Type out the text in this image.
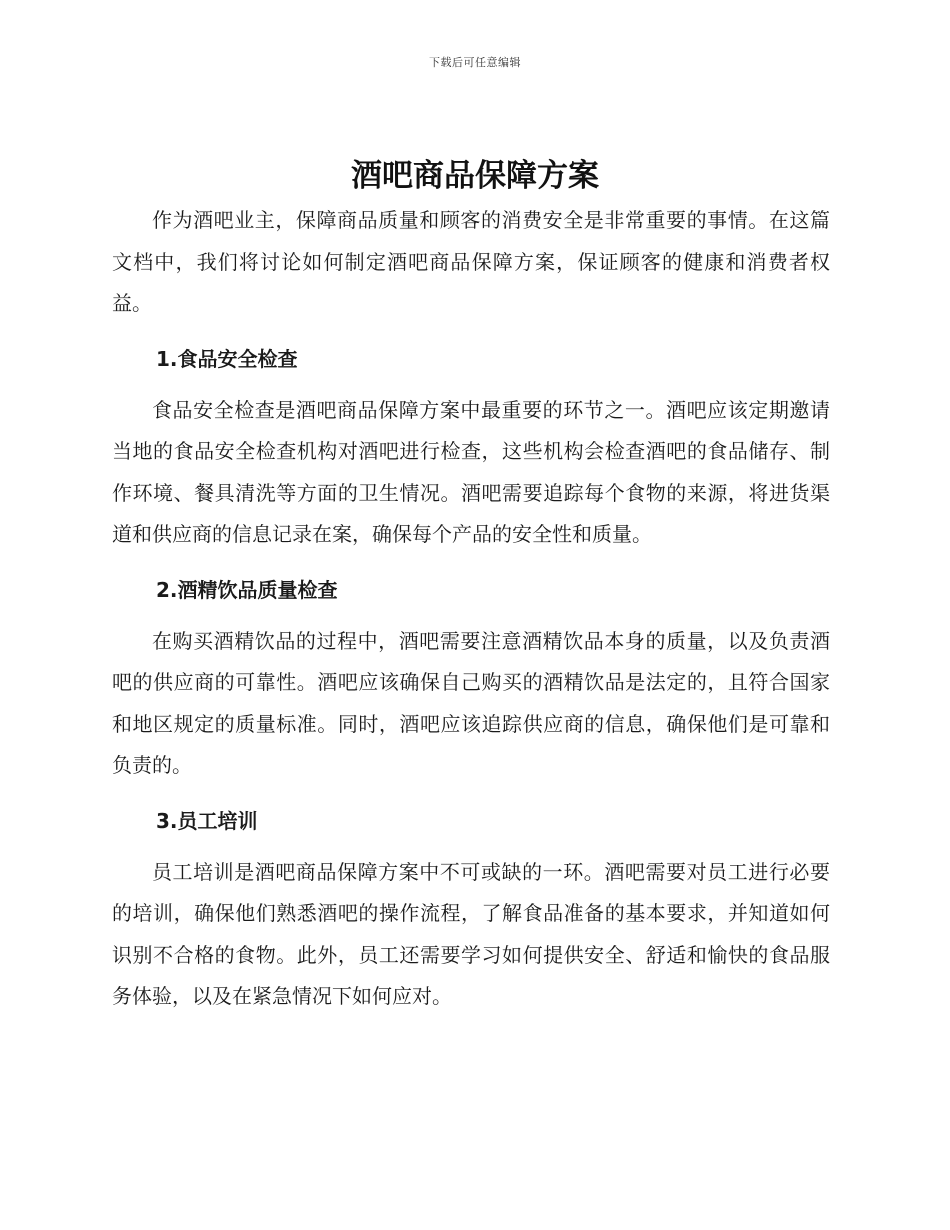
下载后可任意编辑
酒吧商品保障方案

作为酒吧业主，保障商品质量和顾客的消费安全是非常重要的事情。在这篇文档中，我们将讨论如何制定酒吧商品保障方案，保证顾客的健康和消费者权益。

1.食品安全检查

食品安全检查是酒吧商品保障方案中最重要的环节之一。酒吧应该定期邀请当地的食品安全检查机构对酒吧进行检查，这些机构会检查酒吧的食品储存、制作环境、餐具清洗等方面的卫生情况。酒吧需要追踪每个食物的来源，将进货渠道和供应商的信息记录在案，确保每个产品的安全性和质量。

2.酒精饮品质量检查

在购买酒精饮品的过程中，酒吧需要注意酒精饮品本身的质量，以及负责酒吧的供应商的可靠性。酒吧应该确保自己购买的酒精饮品是法定的，且符合国家和地区规定的质量标准。同时，酒吧应该追踪供应商的信息，确保他们是可靠和负责的。

3.员工培训

员工培训是酒吧商品保障方案中不可或缺的一环。酒吧需要对员工进行必要的培训，确保他们熟悉酒吧的操作流程，了解食品准备的基本要求，并知道如何识别不合格的食物。此外，员工还需要学习如何提供安全、舒适和愉快的食品服务体验，以及在紧急情况下如何应对。
